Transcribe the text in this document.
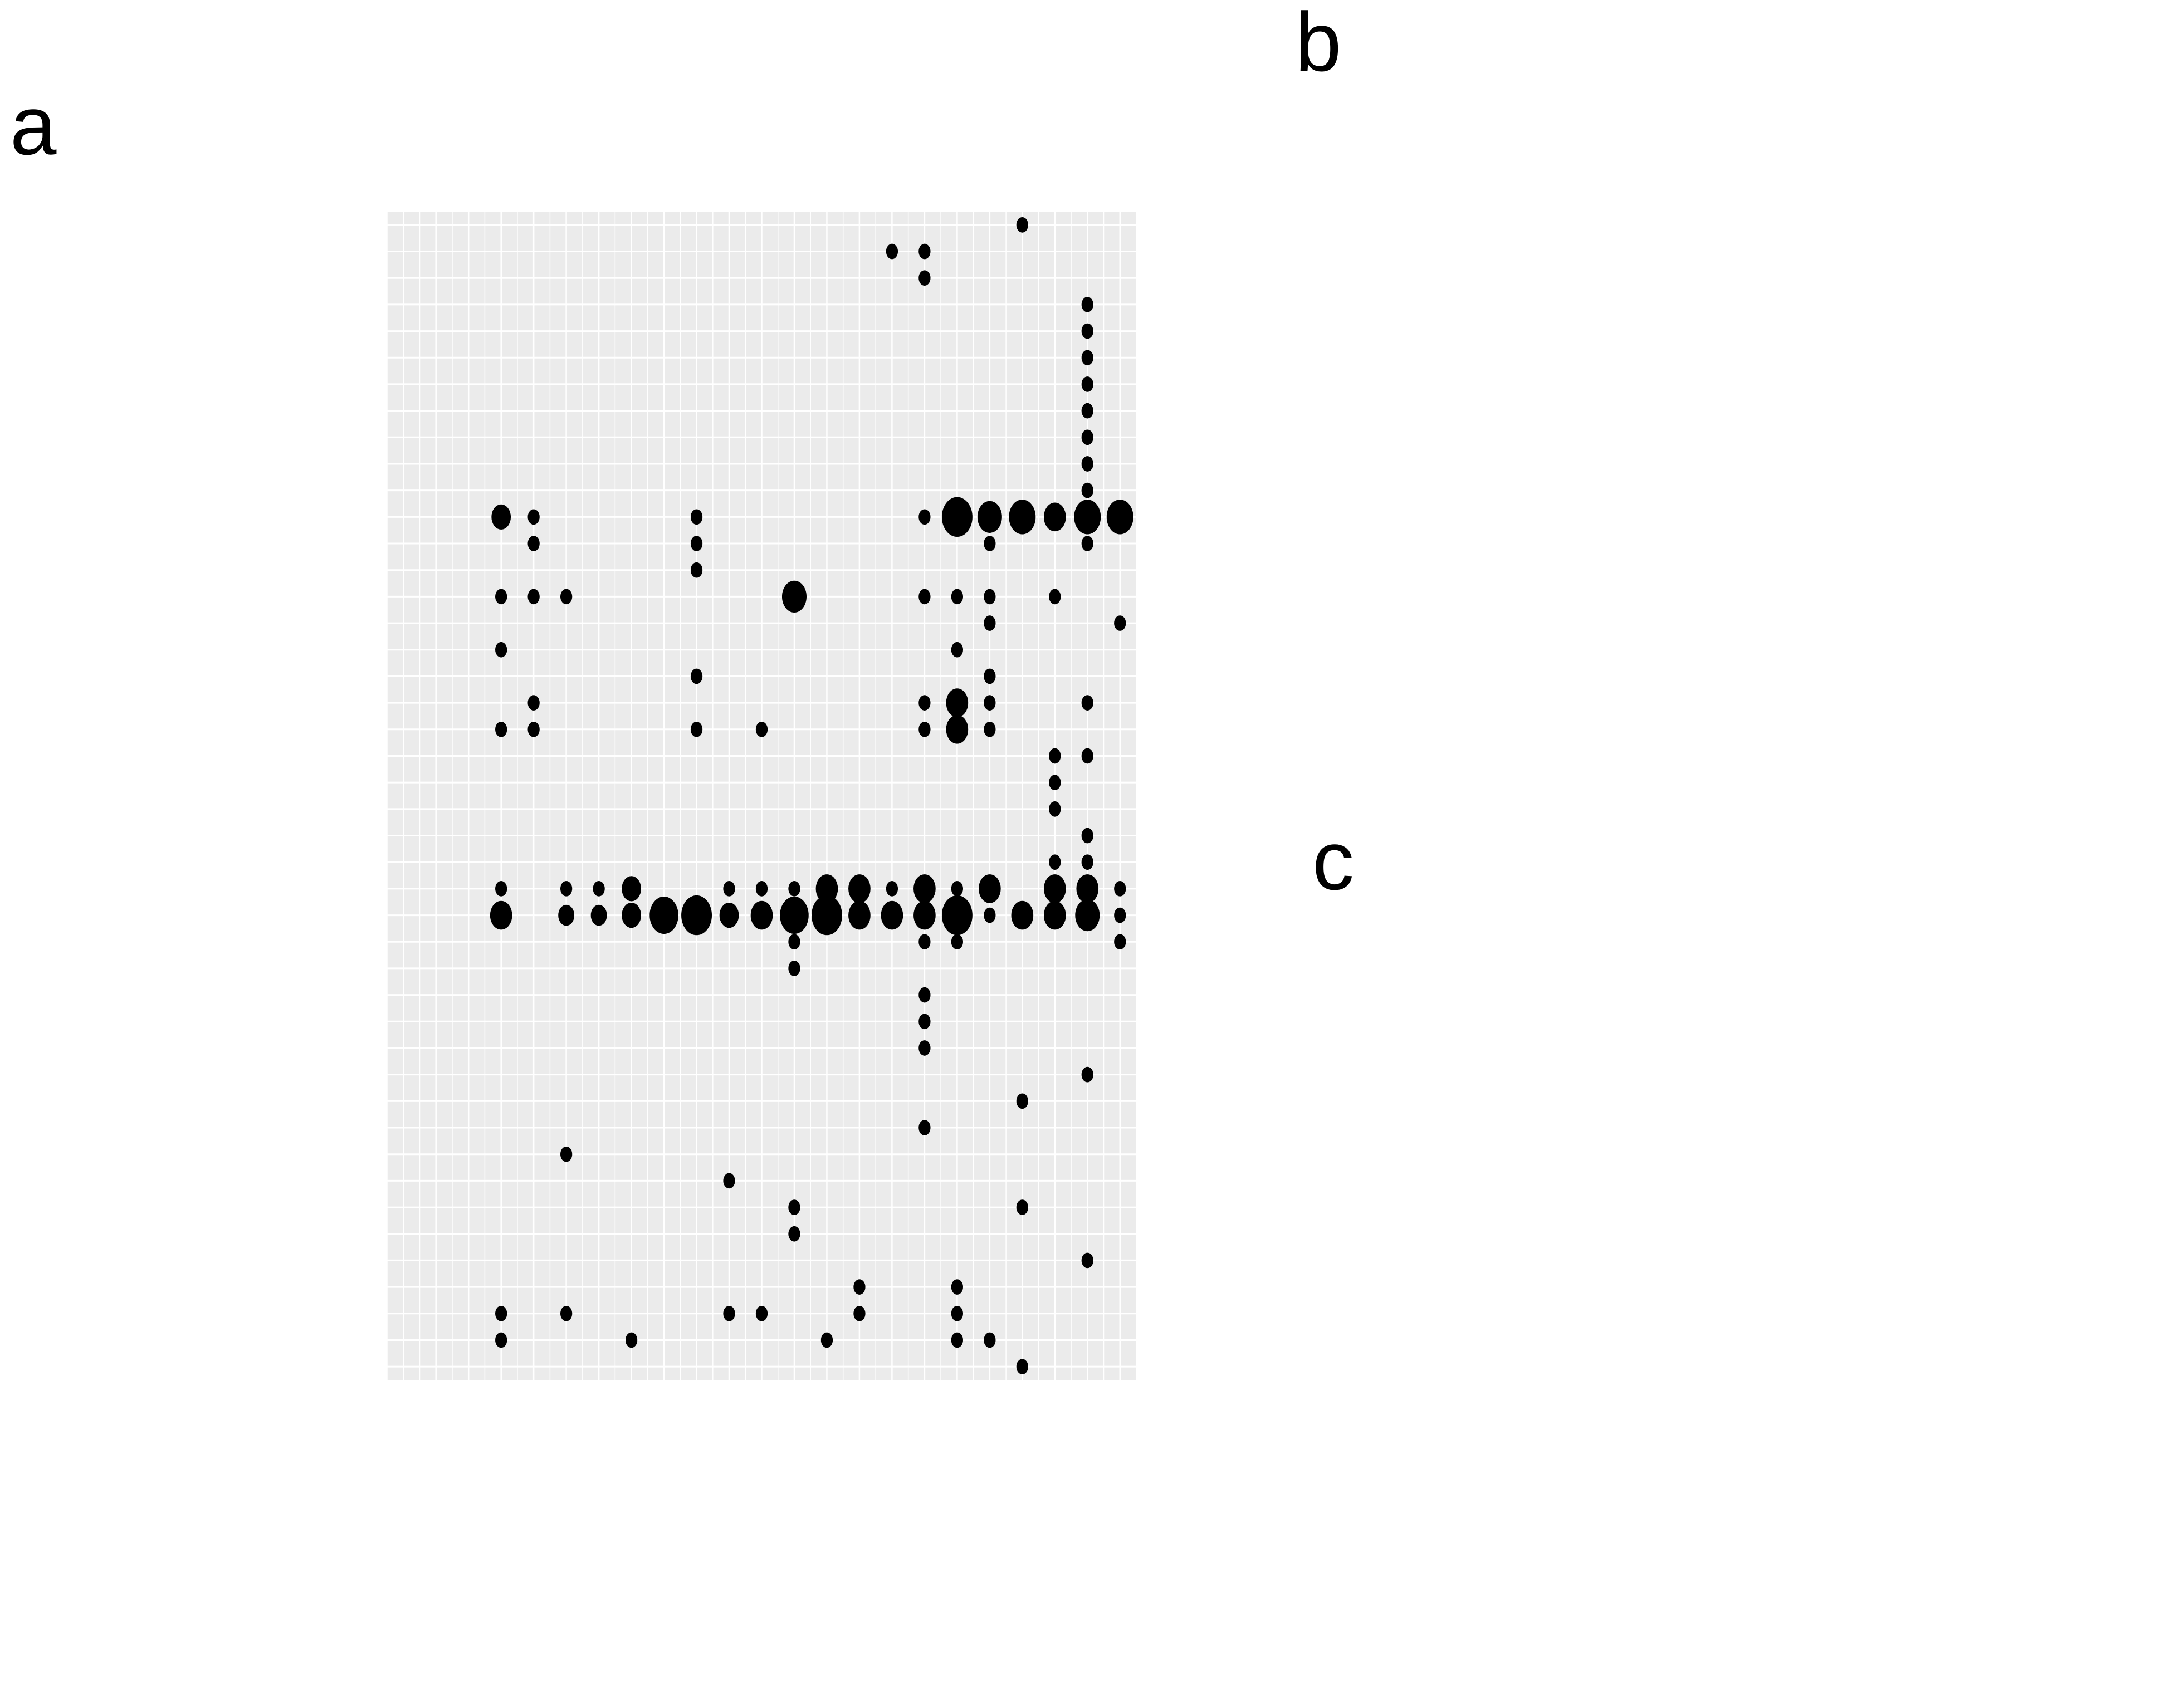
a
b
c
